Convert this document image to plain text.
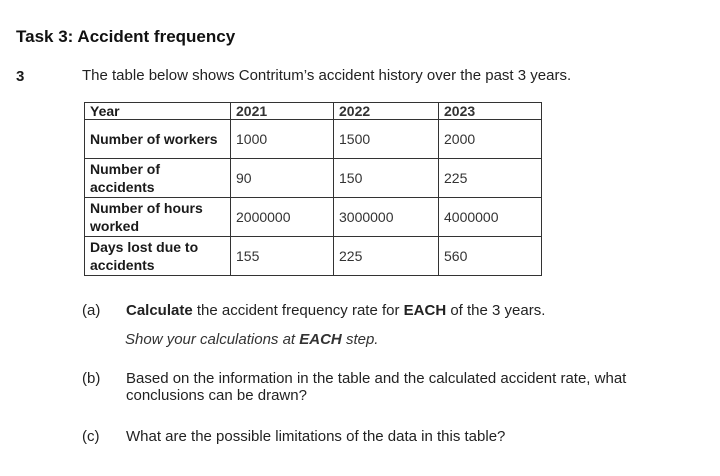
Task 3: Accident frequency
3	The table below shows Contritum’s accident history over the past 3 years.
Year	2021	2022	2023
Number of workers	1000	1500	2000
Number of accidents	90	150	225
Number of hours worked	2000000	3000000	4000000
Days lost due to accidents	155	225	560
(a) Calculate the accident frequency rate for EACH of the 3 years.
Show your calculations at EACH step.
(b) Based on the information in the table and the calculated accident rate, what conclusions can be drawn?
(c) What are the possible limitations of the data in this table?
